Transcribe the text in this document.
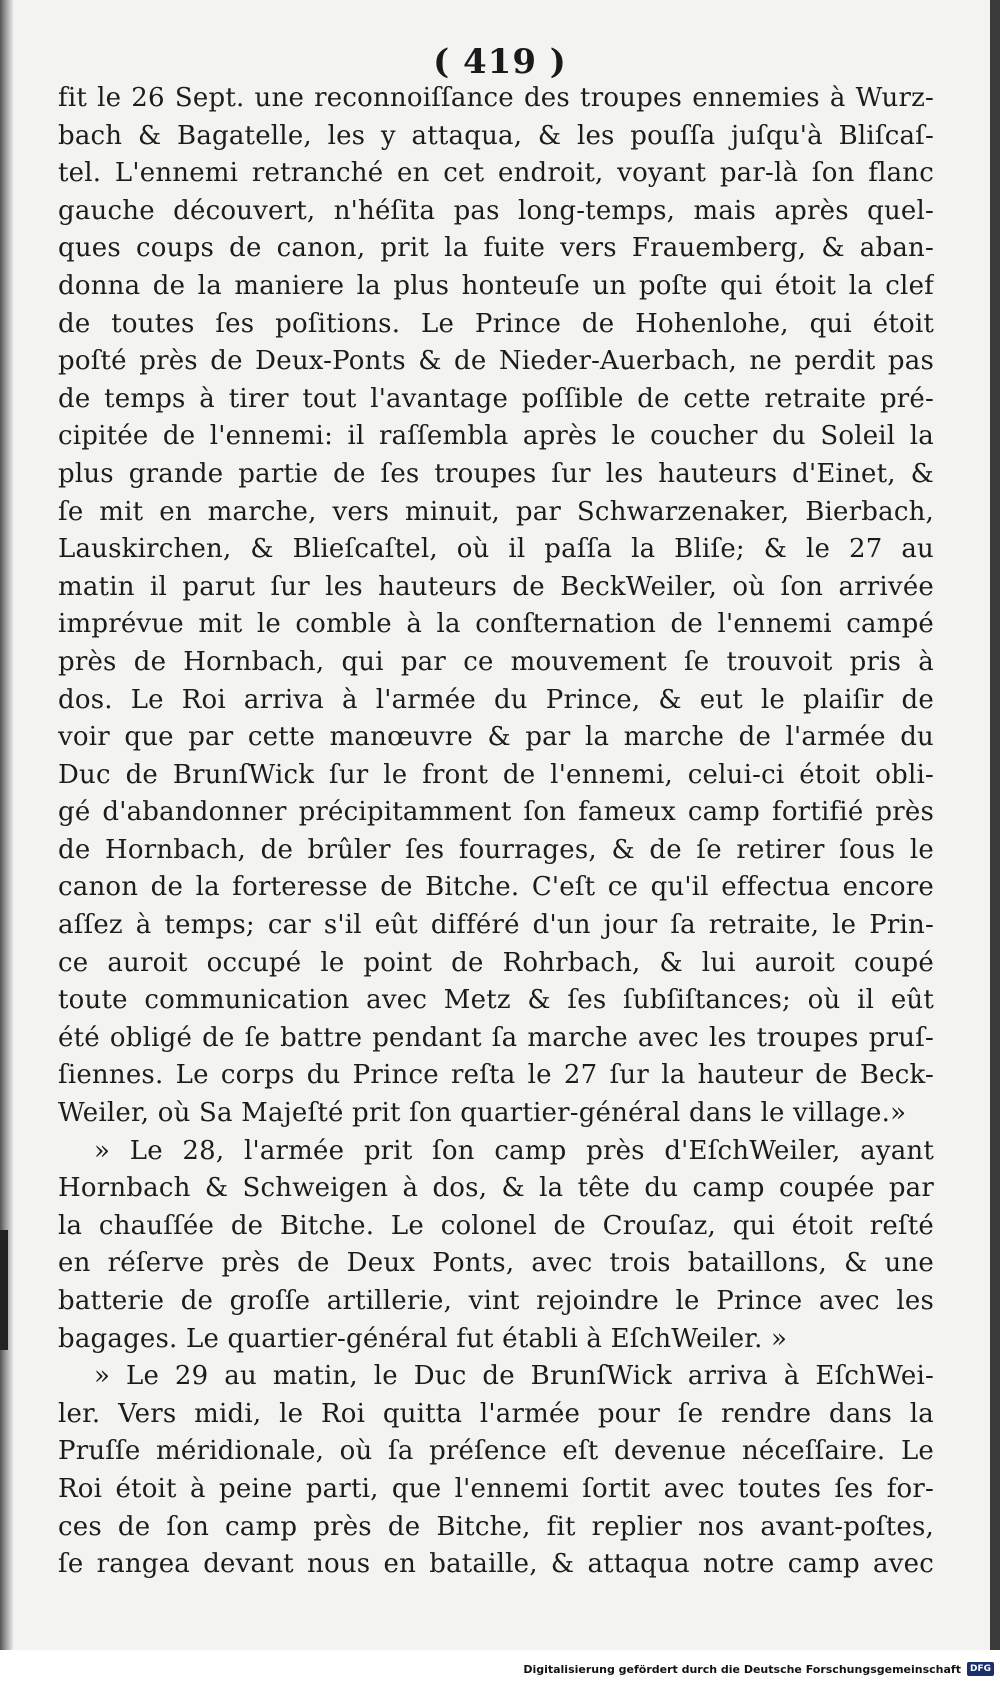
( 419 )
fit le 26 Sept. une reconnoiſſance des troupes ennemies à Wurz-
bach & Bagatelle, les y attaqua, & les pouſſa juſqu'à Bliſcaſ-
tel. L'ennemi retranché en cet endroit, voyant par-là ſon flanc
gauche découvert, n'héſita pas long-temps, mais après quel-
ques coups de canon, prit la fuite vers Frauemberg, & aban-
donna de la maniere la plus honteuſe un poſte qui étoit la clef
de toutes ſes poſitions. Le Prince de Hohenlohe, qui étoit
poſté près de Deux-Ponts & de Nieder-Auerbach, ne perdit pas
de temps à tirer tout l'avantage poſſible de cette retraite pré-
cipitée de l'ennemi: il raſſembla après le coucher du Soleil la
plus grande partie de ſes troupes ſur les hauteurs d'Einet, &
ſe mit en marche, vers minuit, par Schwarzenaker, Bierbach,
Lauskirchen, & Blieſcaſtel, où il paſſa la Bliſe; & le 27 au
matin il parut ſur les hauteurs de BeckWeiler, où ſon arrivée
imprévue mit le comble à la conſternation de l'ennemi campé
près de Hornbach, qui par ce mouvement ſe trouvoit pris à
dos. Le Roi arriva à l'armée du Prince, & eut le plaiſir de
voir que par cette manœuvre & par la marche de l'armée du
Duc de BrunſWick ſur le front de l'ennemi, celui-ci étoit obli-
gé d'abandonner précipitamment ſon fameux camp fortifié près
de Hornbach, de brûler ſes fourrages, & de ſe retirer ſous le
canon de la forteresse de Bitche. C'eſt ce qu'il effectua encore
aſſez à temps; car s'il eût différé d'un jour ſa retraite, le Prin-
ce auroit occupé le point de Rohrbach, & lui auroit coupé
toute communication avec Metz & ſes ſubſiſtances; où il eût
été obligé de ſe battre pendant ſa marche avec les troupes pruſ-
ſiennes. Le corps du Prince reſta le 27 ſur la hauteur de Beck-
Weiler, où Sa Majeſté prit ſon quartier-général dans le village.»
» Le 28, l'armée prit ſon camp près d'EſchWeiler, ayant
Hornbach & Schweigen à dos, & la tête du camp coupée par
la chauſſée de Bitche. Le colonel de Crouſaz, qui étoit reſté
en réſerve près de Deux Ponts, avec trois bataillons, & une
batterie de groſſe artillerie, vint rejoindre le Prince avec les
bagages. Le quartier-général fut établi à EſchWeiler. »
» Le 29 au matin, le Duc de BrunſWick arriva à EſchWei-
ler. Vers midi, le Roi quitta l'armée pour ſe rendre dans la
Pruſſe méridionale, où ſa préſence eſt devenue néceſſaire. Le
Roi étoit à peine parti, que l'ennemi ſortit avec toutes ſes for-
ces de ſon camp près de Bitche, fit replier nos avant-poſtes,
ſe rangea devant nous en bataille, & attaqua notre camp avec
Digitalisierung gefördert durch die Deutsche Forschungsgemeinschaft	DFG
